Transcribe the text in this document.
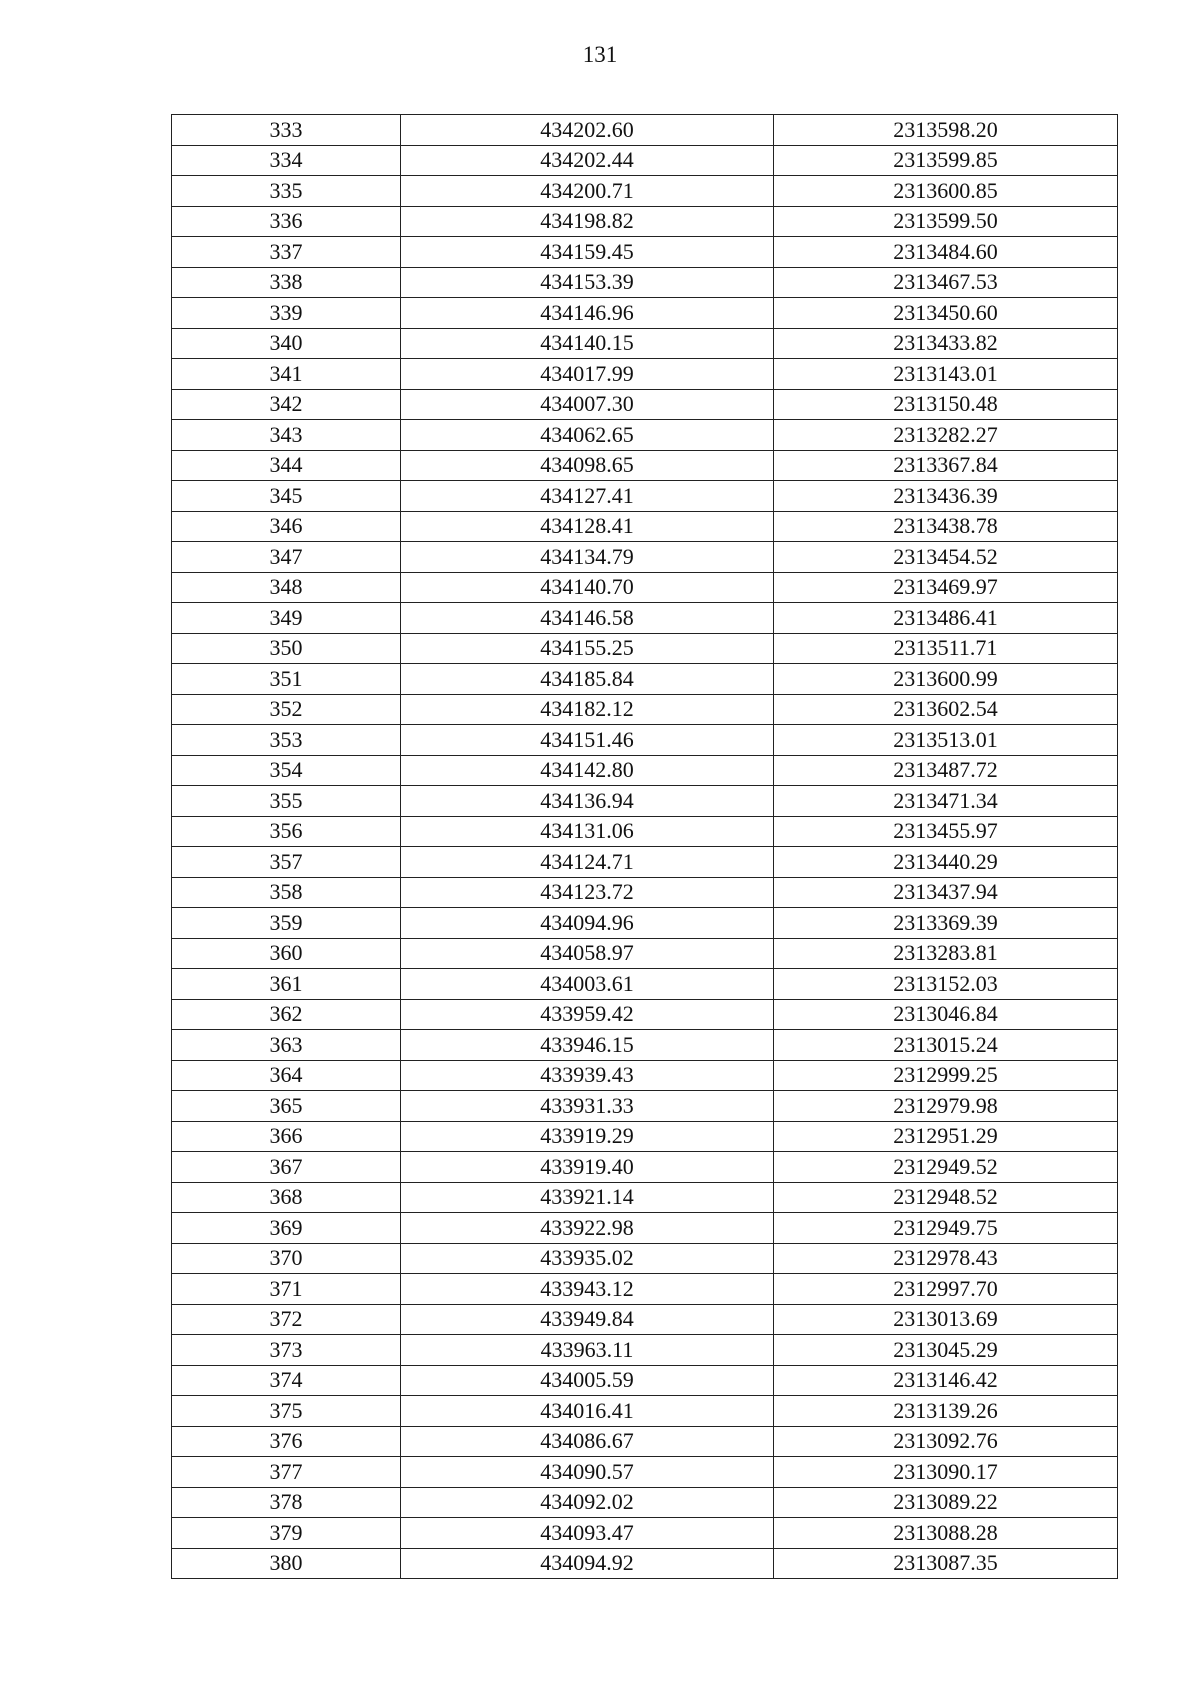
131
333	434202.60	2313598.20
334	434202.44	2313599.85
335	434200.71	2313600.85
336	434198.82	2313599.50
337	434159.45	2313484.60
338	434153.39	2313467.53
339	434146.96	2313450.60
340	434140.15	2313433.82
341	434017.99	2313143.01
342	434007.30	2313150.48
343	434062.65	2313282.27
344	434098.65	2313367.84
345	434127.41	2313436.39
346	434128.41	2313438.78
347	434134.79	2313454.52
348	434140.70	2313469.97
349	434146.58	2313486.41
350	434155.25	2313511.71
351	434185.84	2313600.99
352	434182.12	2313602.54
353	434151.46	2313513.01
354	434142.80	2313487.72
355	434136.94	2313471.34
356	434131.06	2313455.97
357	434124.71	2313440.29
358	434123.72	2313437.94
359	434094.96	2313369.39
360	434058.97	2313283.81
361	434003.61	2313152.03
362	433959.42	2313046.84
363	433946.15	2313015.24
364	433939.43	2312999.25
365	433931.33	2312979.98
366	433919.29	2312951.29
367	433919.40	2312949.52
368	433921.14	2312948.52
369	433922.98	2312949.75
370	433935.02	2312978.43
371	433943.12	2312997.70
372	433949.84	2313013.69
373	433963.11	2313045.29
374	434005.59	2313146.42
375	434016.41	2313139.26
376	434086.67	2313092.76
377	434090.57	2313090.17
378	434092.02	2313089.22
379	434093.47	2313088.28
380	434094.92	2313087.35
